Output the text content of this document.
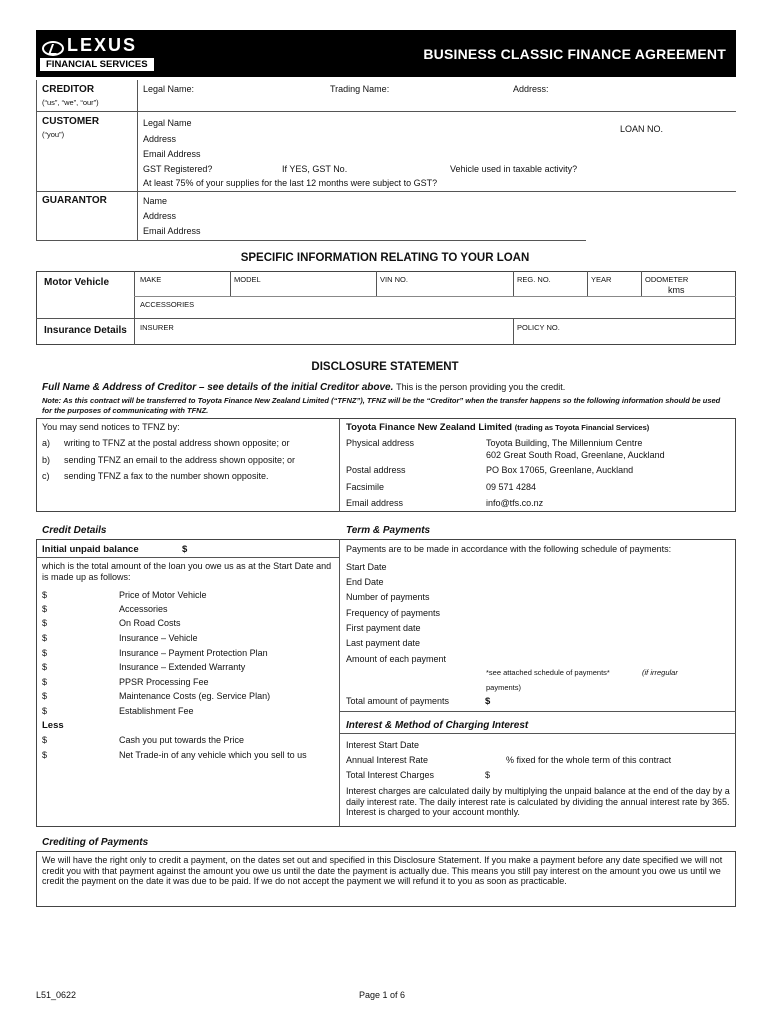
LEXUS
FINANCIAL SERVICES
BUSINESS CLASSIC FINANCE AGREEMENT
CREDITOR
(“us”, “we”, “our”)
Legal Name:	Trading Name:	Address:
CUSTOMER
(“you”)
Legal Name
LOAN NO.
Address
Email Address
GST Registered?	If YES, GST No.	Vehicle used in taxable activity?
At least 75% of your supplies for the last 12 months were subject to GST?
GUARANTOR	Name
Address
Email Address
SPECIFIC INFORMATION RELATING TO YOUR LOAN
Motor Vehicle	MAKE	MODEL	VIN NO.	REG. NO.	YEAR	ODOMETER
kms
ACCESSORIES
Insurance Details INSURER	POLICY NO.
DISCLOSURE STATEMENT
Full Name & Address of Creditor – see details of the initial Creditor above. This is the person providing you the credit.
Note: As this contract will be transferred to Toyota Finance New Zealand Limited (“TFNZ”), TFNZ will be the “Creditor” when the transfer happens so the following information should be used for the purposes of communicating with TFNZ.
You may send notices to TFNZ by:
a) writing to TFNZ at the postal address shown opposite; or
b) sending TFNZ an email to the address shown opposite; or
c) sending TFNZ a fax to the number shown opposite.
Toyota Finance New Zealand Limited (trading as Toyota Financial Services)
Physical address	Toyota Building, The Millennium Centre
602 Great South Road, Greenlane, Auckland
Postal address	PO Box 17065, Greenlane, Auckland
Facsimile	09 571 4284
Email address	info@tfs.co.nz
Credit Details	Term & Payments
Initial unpaid balance	$
which is the total amount of the loan you owe us as at the Start Date and is made up as follows:
$	Price of Motor Vehicle
$	Accessories
$	On Road Costs
$	Insurance – Vehicle
$	Insurance – Payment Protection Plan
$	Insurance – Extended Warranty
$	PPSR Processing Fee
$	Maintenance Costs (eg. Service Plan)
$	Establishment Fee
Less
$	Cash you put towards the Price
$	Net Trade-in of any vehicle which you sell to us
Payments are to be made in accordance with the following schedule of payments:
Start Date
End Date
Number of payments
Frequency of payments
First payment date
Last payment date
Amount of each payment
*see attached schedule of payments*	(if irregular
payments)
Total amount of payments	$
Interest & Method of Charging Interest
Interest Start Date
Annual Interest Rate	% fixed for the whole term of this contract
Total Interest Charges	$
Interest charges are calculated daily by multiplying the unpaid balance at the end of the day by a daily interest rate. The daily interest rate is calculated by dividing the annual interest rate by 365. Interest is charged to your account monthly.
Crediting of Payments
We will have the right only to credit a payment, on the dates set out and specified in this Disclosure Statement. If you make a payment before any date specified we will not credit you with that payment against the amount you owe us until the date the payment is actually due. This means you still pay interest on the amount you owe us until we credit the payment on the date it was due to be paid. If we do not accept the payment we will refund it to you as soon as practicable.
L51_0622	Page 1 of 6
